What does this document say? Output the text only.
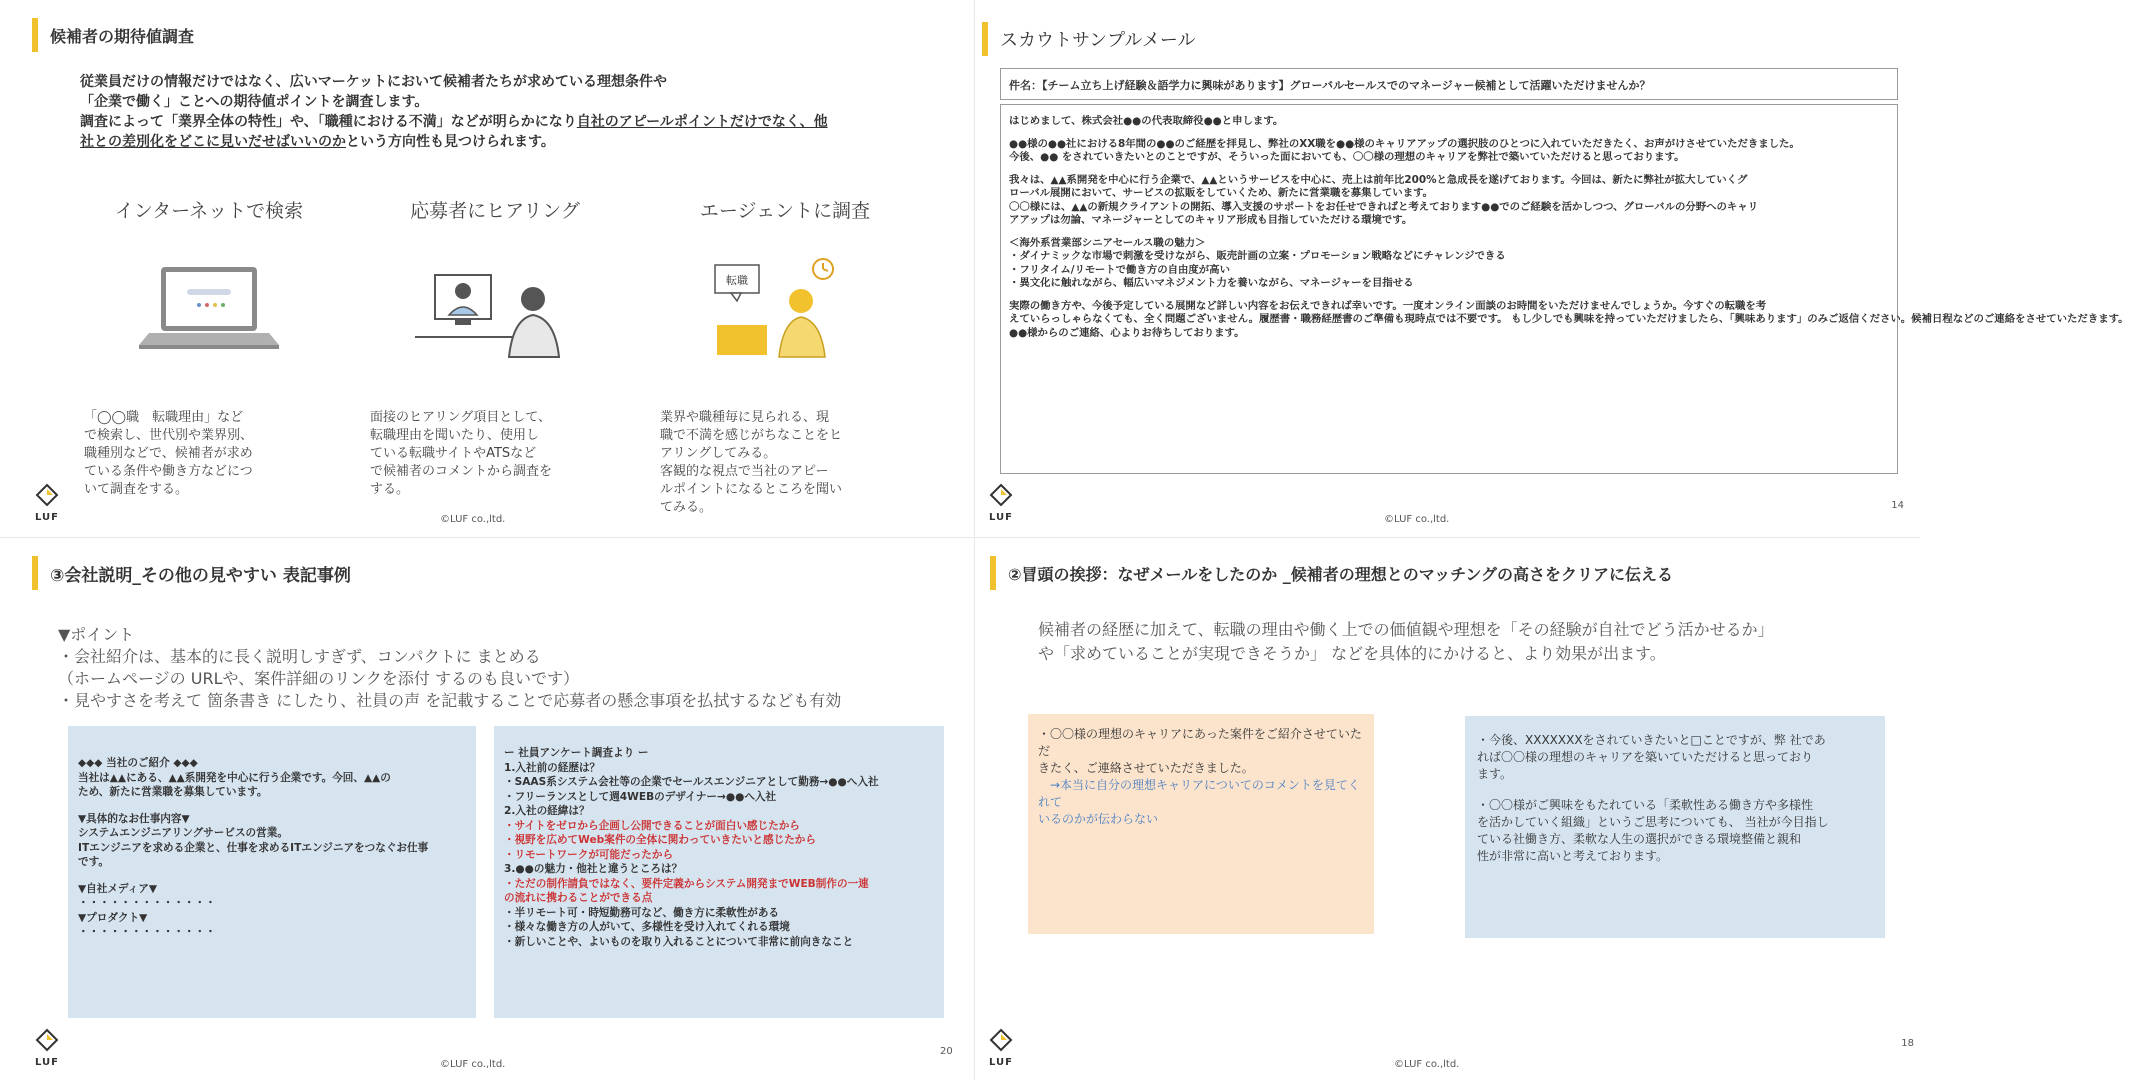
候補者の期待値調査
従業員だけの情報だけではなく、広いマーケットにおいて候補者たちが求めている理想条件や
「企業で働く」ことへの期待値ポイントを調査します。
調査によって「業界全体の特性」や、「職種における不満」などが明らかになり自社のアピールポイントだけでなく、他
社との差別化をどこに見いだせばいいのかという方向性も見つけられます。
インターネットで検索
「◯◯職　転職理由」など
で検索し、世代別や業界別、
職種別などで、候補者が求め
ている条件や働き方などにつ
いて調査をする。
応募者にヒアリング
面接のヒアリング項目として、
転職理由を聞いたり、使用し
ている転職サイトやATSなど
で候補者のコメントから調査を
する。
エージェントに調査
転職
業界や職種毎に見られる、現
職で不満を感じがちなことをヒ
アリングしてみる。
客観的な視点で当社のアピー
ルポイントになるところを聞い
てみる。
LUF	©LUF co.,ltd.
スカウトサンプルメール
件名：【チーム立ち上げ経験＆語学力に興味があります】グローバルセールスでのマネージャー候補として活躍いただけませんか？

はじめまして、株式会社●●の代表取締役●●と申します。

●●様の●●社における8年間の●●のご経歴を拝見し、弊社のXX職を●●様のキャリアアップの選択肢のひとつに入れていただきたく、お声がけさせていただきました。
今後、●● をされていきたいとのことですが、そういった面においても、〇〇様の理想のキャリアを弊社で築いていただけると思っております。

我々は、▲▲系開発を中心に行う企業で、▲▲というサービスを中心に、売上は前年比200%と急成長を遂げております。今回は、新たに弊社が拡大していくグ
ローバル展開において、サービスの拡販をしていくため、新たに営業職を募集しています。
〇〇様には、▲▲の新規クライアントの開拓、導入支援のサポートをお任せできればと考えております●●でのご経験を活かしつつ、グローバルの分野へのキャリ
アアップは勿論、マネージャーとしてのキャリア形成も目指していただける環境です。

＜海外系営業部シニアセールス職の魅力＞
・ダイナミックな市場で刺激を受けながら、販売計画の立案・プロモーション戦略などにチャレンジできる
・フリタイム/リモートで働き方の自由度が高い
・異文化に触れながら、幅広いマネジメント力を養いながら、マネージャーを目指せる

実際の働き方や、今後予定している展開など詳しい内容をお伝えできれば幸いです。一度オンライン面談のお時間をいただけませんでしょうか。今すぐの転職を考
えていらっしゃらなくても、全く問題ございません。履歴書・職務経歴書のご準備も現時点では不要です。 もし少しでも興味を持っていただけましたら、「興味あります」のみご返信ください。候補日程などのご連絡をさせていただきます。
●●様からのご連絡、心よりお待ちしております。

LUF	©LUF co.,ltd.
14
③会社説明_その他の見やすい 表記事例
▼ポイント
・会社紹介は、基本的に長く説明しすぎず、コンパクトに まとめる
（ホームページの URLや、案件詳細のリンクを添付 するのも良いです）
・見やすさを考えて 箇条書き にしたり、社員の声 を記載することで応募者の懸念事項を払拭するなども有効
◆◆◆ 当社のご紹介 ◆◆◆
当社は▲▲にある、▲▲系開発を中心に行う企業です。今回、▲▲の
ため、新たに営業職を募集しています。
▼具体的なお仕事内容▼
システムエンジニアリングサービスの営業。
ITエンジニアを求める企業と、仕事を求めるITエンジニアをつなぐお仕事
です。
▼自社メディア▼
・・・・・・・・・・・・・
▼プロダクト▼
・・・・・・・・・・・・・
ー 社員アンケート調査より ー
1.入社前の経歴は？
・SAAS系システム会社等の企業でセールスエンジニアとして勤務→●●へ入社
・フリーランスとして週4WEBのデザイナー→●●へ入社
2.入社の経緯は？
・サイトをゼロから企画し公開できることが面白い感じたから
・視野を広めてWeb案件の全体に関わっていきたいと感じたから
・リモートワークが可能だったから
3.●●の魅力・他社と違うところは？
・ただの制作請負ではなく、要件定義からシステム開発までWEB制作の一連
の流れに携わることができる点
・半リモート可・時短勤務可など、働き方に柔軟性がある
・様々な働き方の人がいて、多様性を受け入れてくれる環境
・新しいことや、よいものを取り入れることについて非常に前向きなこと
LUF	©LUF co.,ltd.
20
②冒頭の挨拶：なぜメールをしたのか _候補者の理想とのマッチングの高さをクリアに伝える
候補者の経歴に加えて、転職の理由や働く上での価値観や理想を「その経験が自社でどう活かせるか」
や「求めていることが実現できそうか」 などを具体的にかけると、より効果が出ます。
・〇〇様の理想のキャリアにあった案件をご紹介させていただ
きたく、ご連絡させていただきました。
　→本当に自分の理想キャリアについてのコメントを見てくれて
いるのかが伝わらない
・今後、XXXXXXXをされていきたいと□ことですが、弊 社であ
れば〇〇様の理想のキャリアを築いていただけると思っており
ます。
・〇〇様がご興味をもたれている「柔軟性ある働き方や多様性
を活かしていく組織」というご思考についても、 当社が今目指し
ている社働き方、柔軟な人生の選択ができる環境整備と親和
性が非常に高いと考えております。
LUF	©LUF co.,ltd.
18
